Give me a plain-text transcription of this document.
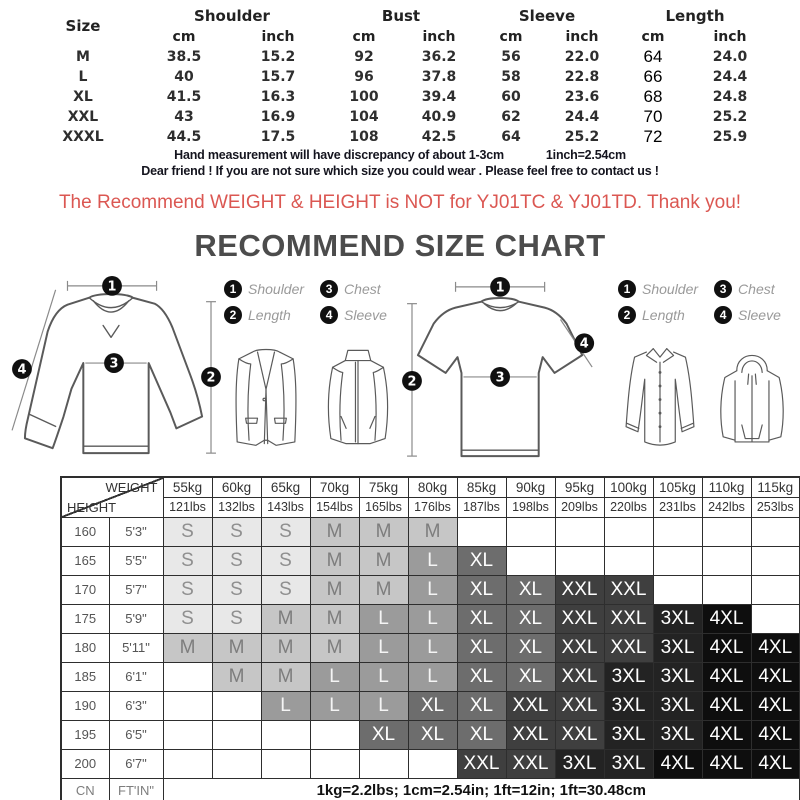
Size	Shoulder		Bust		Sleeve		Length	
	cm	inch	cm	inch	cm	inch	cm	inch
M	38.5	15.2	92	36.2	56	22.0	64	24.0
L	40	15.7	96	37.8	58	22.8	66	24.4
XL	41.5	16.3	100	39.4	60	23.6	68	24.8
XXL	43	16.9	104	40.9	62	24.4	70	25.2
XXXL	44.5	17.5	108	42.5	64	25.2	72	25.9
Hand measurement will have discrepancy of about 1-3cm	1inch=2.54cm
Dear friend ! If you are not sure which size you could wear . Please feel free to contact us !
The Recommend WEIGHT & HEIGHT is NOT for YJ01TC & YJ01TD. Thank you!
RECOMMEND SIZE CHART
1
3
2
4
1 Shoulder	3 Chest
2 Length	4 Sleeve
1
3
2
4
1 Shoulder	3 Chest
2 Length	4 Sleeve
WEIGHT
HEIGHT		55kg	60kg	65kg	70kg	75kg	80kg	85kg	90kg	95kg	100kg	105kg	110kg	115kg
		121lbs	132lbs	143lbs	154lbs	165lbs	176lbs	187lbs	198lbs	209lbs	220lbs	231lbs	242lbs	253lbs
160	5'3"	S	S	S	M	M	M							
165	5'5"	S	S	S	M	M	L	XL						
170	5'7"	S	S	S	M	M	L	XL	XL	XXL	XXL			
175	5'9"	S	S	M	M	L	L	XL	XL	XXL	XXL	3XL	4XL	
180	5'11"	M	M	M	M	L	L	XL	XL	XXL	XXL	3XL	4XL	4XL
185	6'1"		M	M	L	L	L	XL	XL	XXL	3XL	3XL	4XL	4XL
190	6'3"			L	L	L	XL	XL	XXL	XXL	3XL	3XL	4XL	4XL
195	6'5"					XL	XL	XL	XXL	XXL	3XL	3XL	4XL	4XL
200	6'7"							XXL	XXL	3XL	3XL	4XL	4XL	4XL
CN	FT'IN"	1kg=2.2lbs; 1cm=2.54in; 1ft=12in; 1ft=30.48cm												
